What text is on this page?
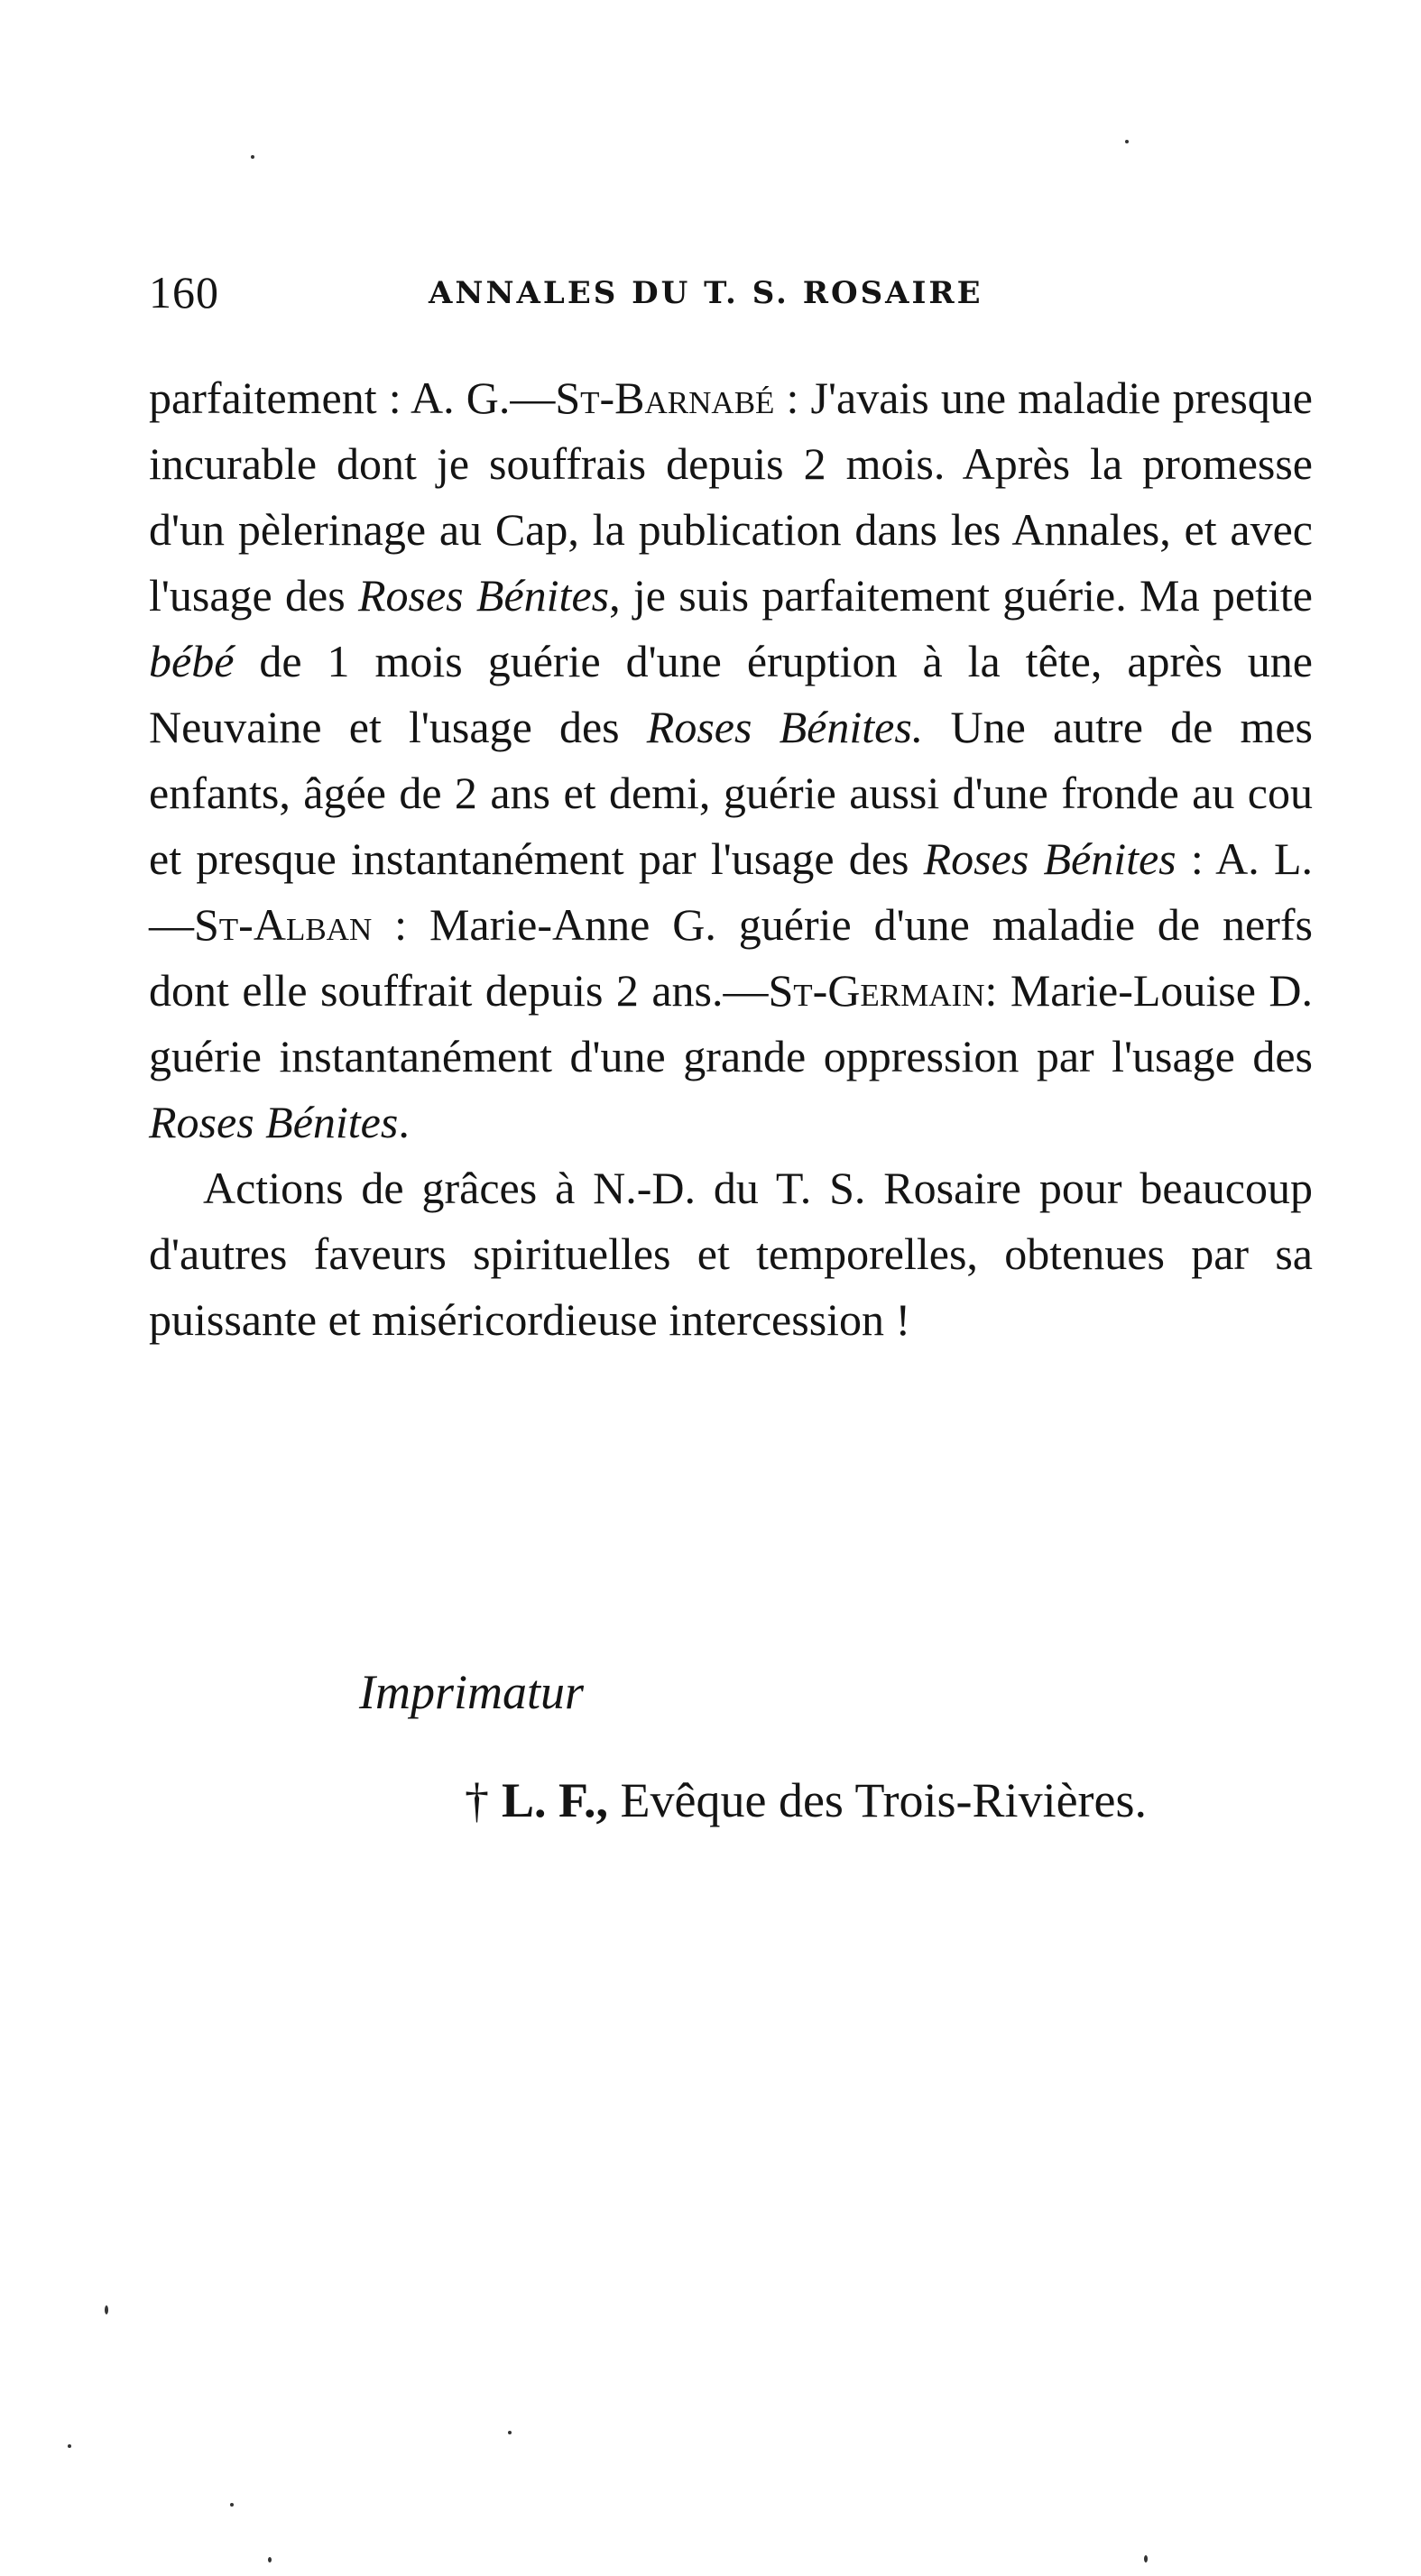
160	ANNALES DU T. S. ROSAIRE

parfaitement : A. G.—St-Barnabé : J'avais une maladie presque incurable dont je souffrais depuis 2 mois. Après la promesse d'un pèlerinage au Cap, la publication dans les Annales, et avec l'usage des Roses Bénites, je suis parfaitement guérie. Ma petite bébé de 1 mois guérie d'une éruption à la tête, après une Neuvaine et l'usage des Roses Bénites. Une autre de mes enfants, âgée de 2 ans et demi, guérie aussi d'une fronde au cou et presque instantanément par l'usage des Roses Bénites : A. L.—St-Alban : Marie-Anne G. guérie d'une maladie de nerfs dont elle souffrait depuis 2 ans.—St-Germain: Marie-Louise D. guérie instantanément d'une grande oppression par l'usage des Roses Bénites.

Actions de grâces à N.-D. du T. S. Rosaire pour beaucoup d'autres faveurs spirituelles et temporelles, obtenues par sa puissante et miséricordieuse intercession !

Imprimatur
† L. F., Evêque des Trois-Rivières.
